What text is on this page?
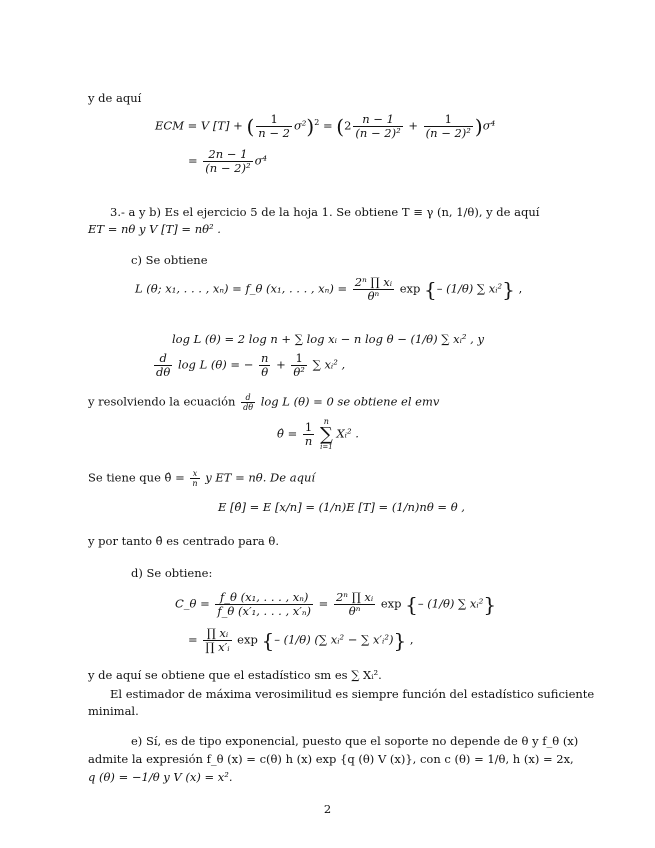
y de aquí
ECM = V [T] + ( $\frac{1}{n - 2} \sigma^2)^2 = (2 \frac{n - 1}{\text{(n − 2)²}} + \frac{1}{\text{(n − 2)²}} )\sigma^4$
= $\frac{2n - 1}{\text{(n − 2)²}} \sigma^4$
3.- a y b) Es el ejercicio 5 de la hoja 1. Se obtiene T ≡ γ (n, 1/θ), y de aquí
ET = nθ y V [T] = nθ² .
c) Se obtiene
L (θ; x₁, . . . , xₙ) = f_θ (x₁, . . . , $x_n) = \frac{\text{2ⁿ ∏ xᵢ}}{\text{θⁿ}}$ exp {– (1/θ) ∑ xᵢ²} ,
log L (θ) = 2 log n + ∑ log xᵢ − n log θ − (1/θ) ∑ xᵢ² , y
$\frac{d}{d\theta}$ log L (θ) = − $\frac{n}{\theta} + \frac{1}{\text{θ²}}$ ∑ xᵢ² ,
y resolviendo la ecuación $\frac{d}{d\theta}$ log L (θ) = 0 se obtiene el emv
θ̂ = $\frac{1}{n}$
	n
∑
i=1
Xᵢ² .
Se tiene que θ̂ = $\frac{x}{n}$ y ET = nθ. De aquí
E [θ̂] = E [x/n] = (1/n)E [T] = (1/n)nθ = θ ,
y por tanto θ̂ es centrado para θ.
d) Se obtiene:
C_θ = $\frac{\text{f\_θ (x₁, . . . , xₙ)}}{\text{f\_θ (x′₁, . . . , x′ₙ)}} = \frac{\text{2ⁿ ∏ xᵢ}}{\text{θⁿ}}$ exp {– (1/θ) ∑ xᵢ²}
= $\frac{\text{∏ xᵢ}}{\text{∏ x′ᵢ}}$ exp {– (1/θ) (∑ xᵢ² − ∑ x′ᵢ²)} ,
y de aquí se obtiene que el estadístico sm es ∑ Xᵢ².
El estimador de máxima verosimilitud es siempre función del estadístico suficiente
minimal.
e) Sí, es de tipo exponencial, puesto que el soporte no depende de θ y f_θ (x)
admite la expresión f_θ (x) = c(θ) h (x) exp {q (θ) V (x)}, con c (θ) = 1/θ, h (x) = 2x,
q (θ) = −1/θ y V (x) = x².
2
